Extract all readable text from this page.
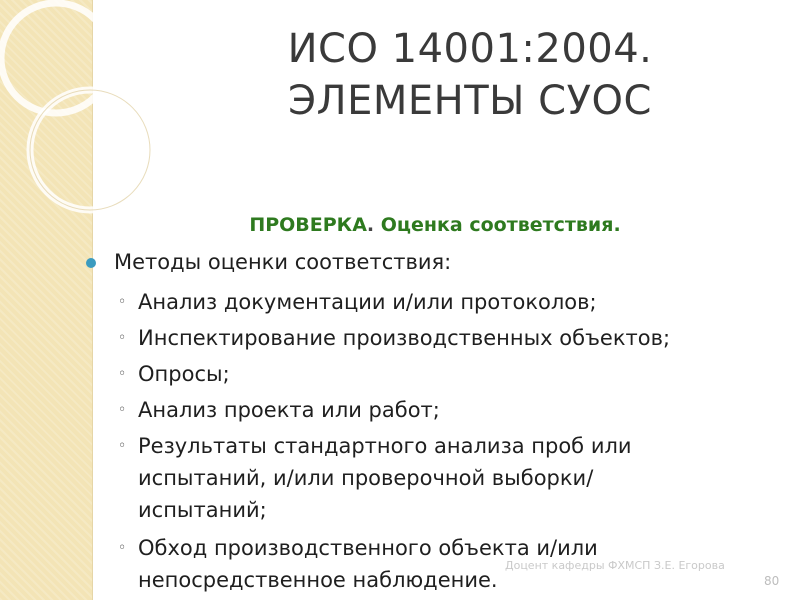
ИСО 14001:2004.
ЭЛЕМЕНТЫ СУОС
ПРОВЕРКА. Оценка соответствия.
Методы оценки соответствия:
◦ Анализ документации и/или протоколов;
◦ Инспектирование производственных объектов;
◦ Опросы;
◦ Анализ проекта или работ;
◦ Результаты стандартного анализа проб или испытаний, и/или проверочной выборки/испытаний;
◦ Обход производственного объекта и/или непосредственное наблюдение.
Доцент кафедры ФХМСП З.Е. Егорова
80
